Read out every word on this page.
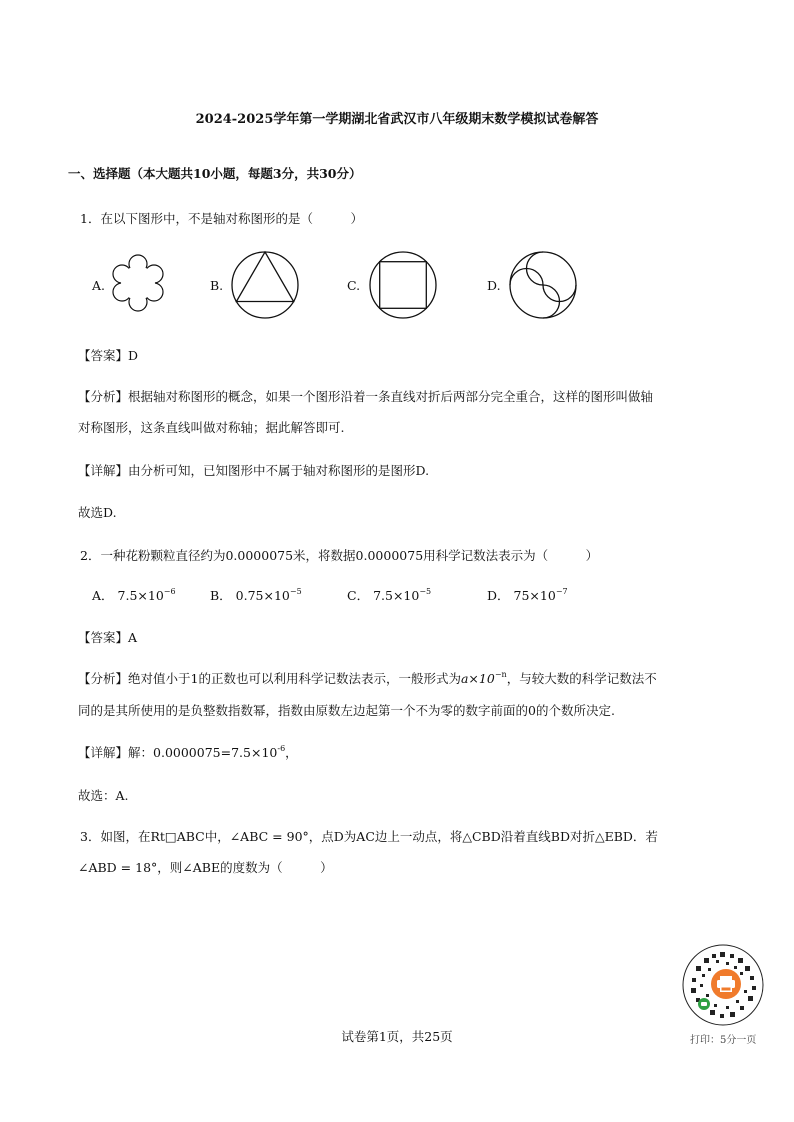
2024-2025学年第一学期湖北省武汉市八年级期末数学模拟试卷解答
一、选择题（本大题共10小题，每题3分，共30分）
1．在以下图形中，不是轴对称图形的是（　　　）
A.	B.	C.	D.
【答案】D
【分析】根据轴对称图形的概念，如果一个图形沿着一条直线对折后两部分完全重合，这样的图形叫做轴
对称图形，这条直线叫做对称轴；据此解答即可.
【详解】由分析可知，已知图形中不属于轴对称图形的是图形D.
故选D.
2．一种花粉颗粒直径约为0.0000075米，将数据0.0000075用科学记数法表示为（　　　）
A． $7.5\times 10^{-6}$	B． $0.75\times 10^{-5}$	C． $7.5\times 10^{-5}$	D． $75\times 10^{-7}$
【答案】A
【分析】绝对值小于1的正数也可以利用科学记数法表示，一般形式为$a\times 10^{-n}$，与较大数的科学记数法不
同的是其所使用的是负整数指数幂，指数由原数左边起第一个不为零的数字前面的0的个数所决定.
【详解】解：$0.0000075=7.5\times 10^{-6}$，
故选：A.
3．如图，在Rt□ABC中，∠ABC = 90°，点D为AC边上一动点，将△CBD沿着直线BD对折△EBD．若
∠ABD = 18°，则∠ABE的度数为（　　　）
打印：5分一页
试卷第1页，共25页
